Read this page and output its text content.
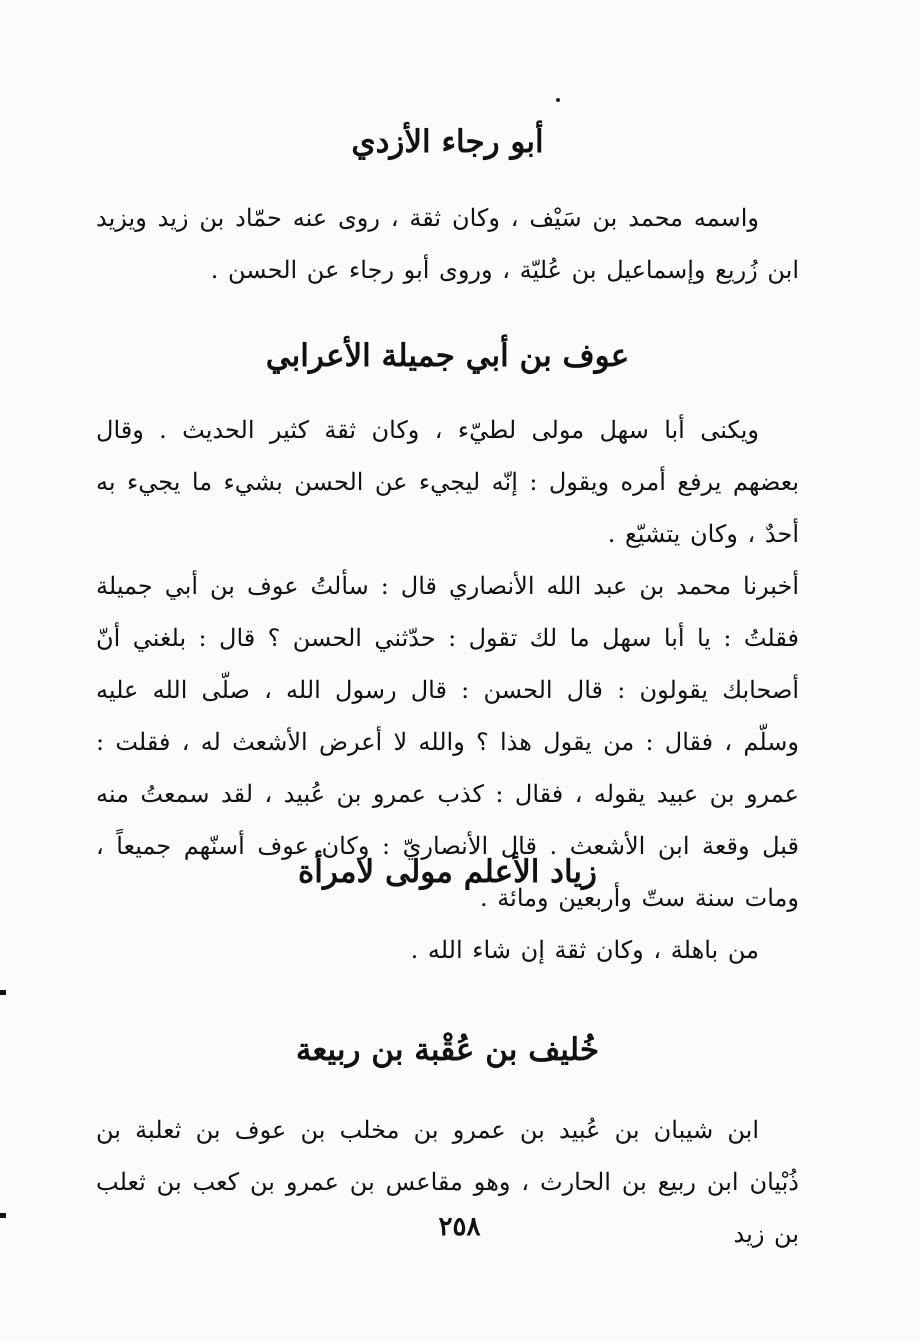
أبو رجاء الأزدي

واسمه محمد بن سَيْف ، وكان ثقة ، روى عنه حمّاد بن زيد ويزيد ابن زُريع وإسماعيل بن عُليّة ، وروى أبو رجاء عن الحسن .

عوف بن أبي جميلة الأعرابي

ويكنى أبا سهل مولى لطيّء ، وكان ثقة كثير الحديث . وقال بعضهم يرفع أمره ويقول : إنّه ليجيء عن الحسن بشيء ما يجيء به أحدٌ ، وكان يتشيّع .

أخبرنا محمد بن عبد الله الأنصاري قال : سألتُ عوف بن أبي جميلة فقلتُ : يا أبا سهل ما لك تقول : حدّثني الحسن ؟ قال : بلغني أنّ أصحابك يقولون : قال الحسن : قال رسول الله ، صلّى الله عليه وسلّم ، فقال : من يقول هذا ؟ والله لا أعرض الأشعث له ، فقلت : عمرو بن عبيد يقوله ، فقال : كذب عمرو بن عُبيد ، لقد سمعتُ منه قبل وقعة ابن الأشعث . قال الأنصاريّ : وكان عوف أسنّهم جميعاً ، ومات سنة ستّ وأربعين ومائة .

زياد الأعلم مولى لامرأة

من باهلة ، وكان ثقة إن شاء الله .

خُليف بن عُقْبة بن ربيعة

ابن شيبان بن عُبيد بن عمرو بن مخلب بن عوف بن ثعلبة بن ذُبْيان ابن ربيع بن الحارث ، وهو مقاعس بن عمرو بن كعب بن ثعلب بن زيد

٢٥٨
